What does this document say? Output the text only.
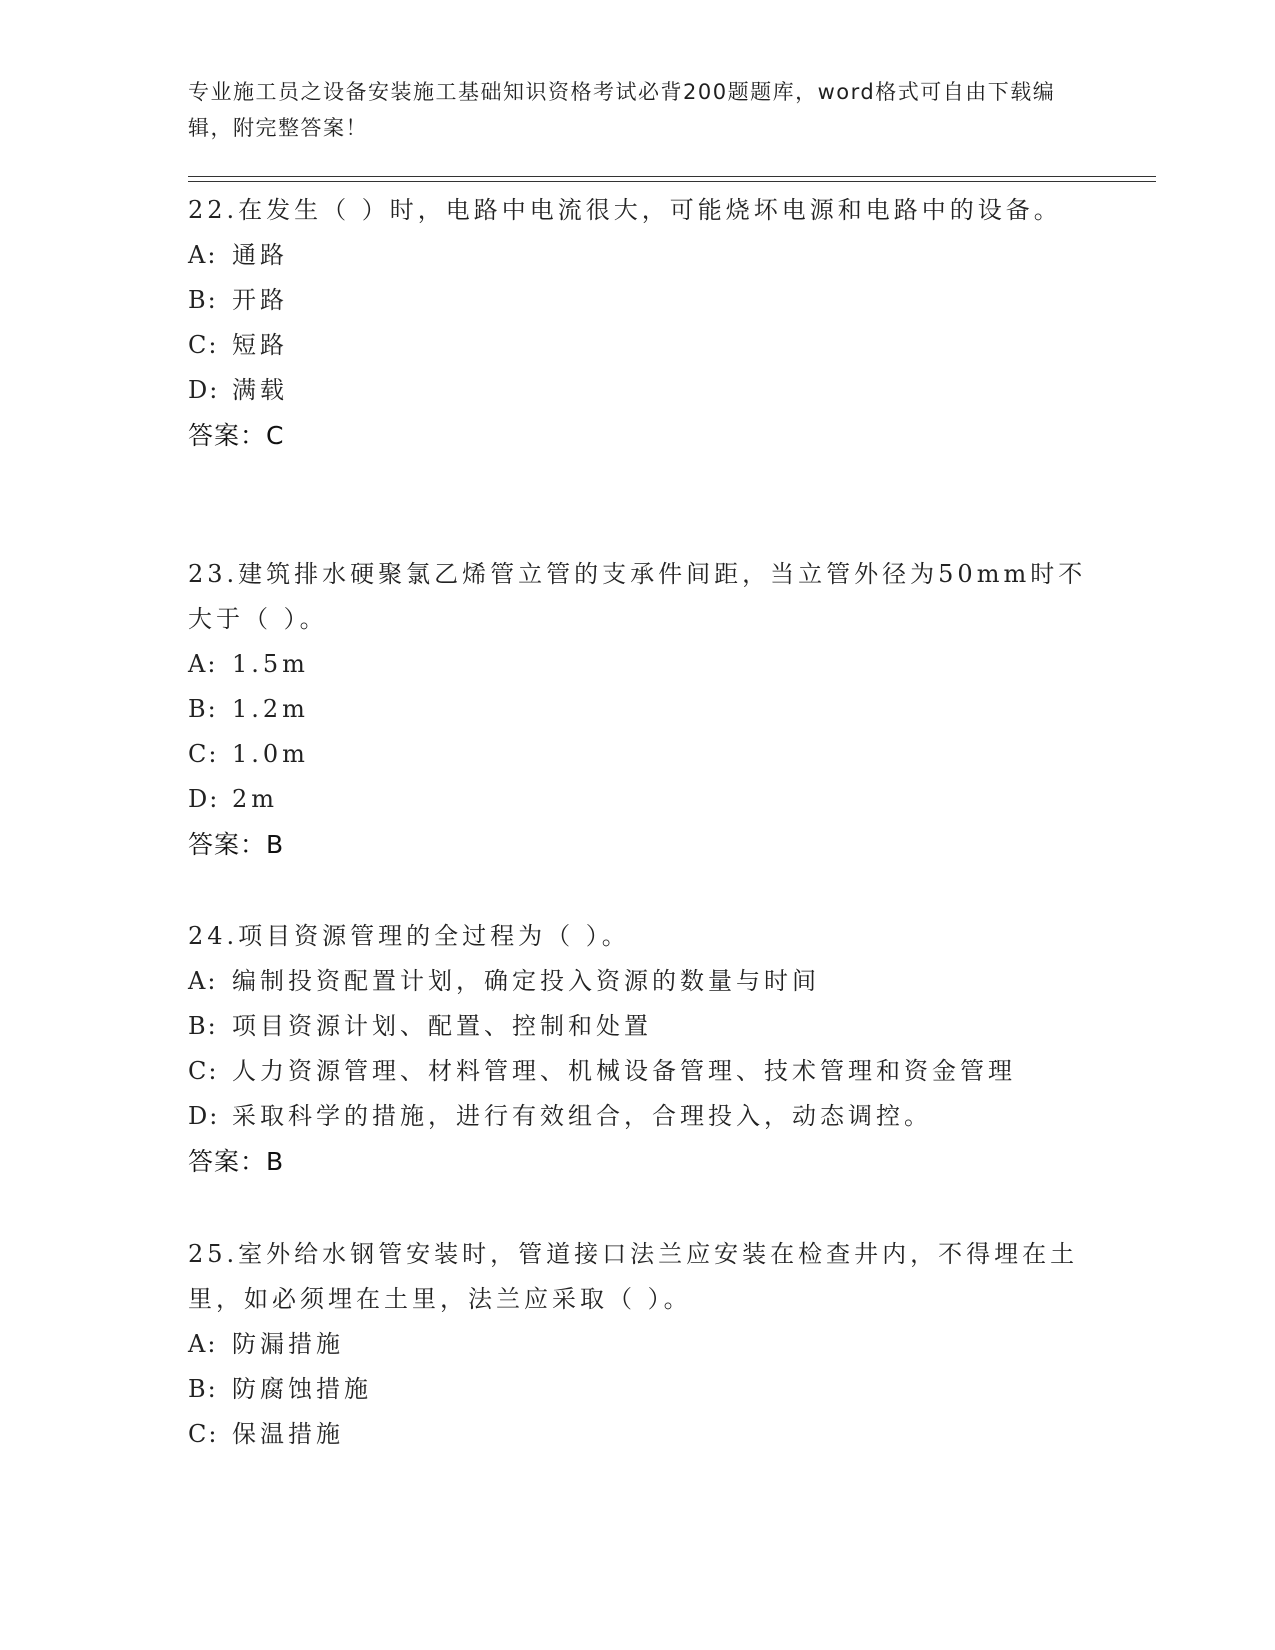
专业施工员之设备安装施工基础知识资格考试必背200题题库，word格式可自由下载编辑，附完整答案！
22.在发生（ ）时，电路中电流很大，可能烧坏电源和电路中的设备。
A: 通路
B: 开路
C: 短路
D: 满载
答案：C
23.建筑排水硬聚氯乙烯管立管的支承件间距，当立管外径为50mm时不大于（ ）。
A: 1.5m
B: 1.2m
C: 1.0m
D: 2m
答案：B
24.项目资源管理的全过程为（ ）。
A: 编制投资配置计划，确定投入资源的数量与时间
B: 项目资源计划、配置、控制和处置
C: 人力资源管理、材料管理、机械设备管理、技术管理和资金管理
D: 采取科学的措施，进行有效组合，合理投入，动态调控。
答案：B
25.室外给水钢管安装时，管道接口法兰应安装在检查井内，不得埋在土里，如必须埋在土里，法兰应采取（ ）。
A: 防漏措施
B: 防腐蚀措施
C: 保温措施
